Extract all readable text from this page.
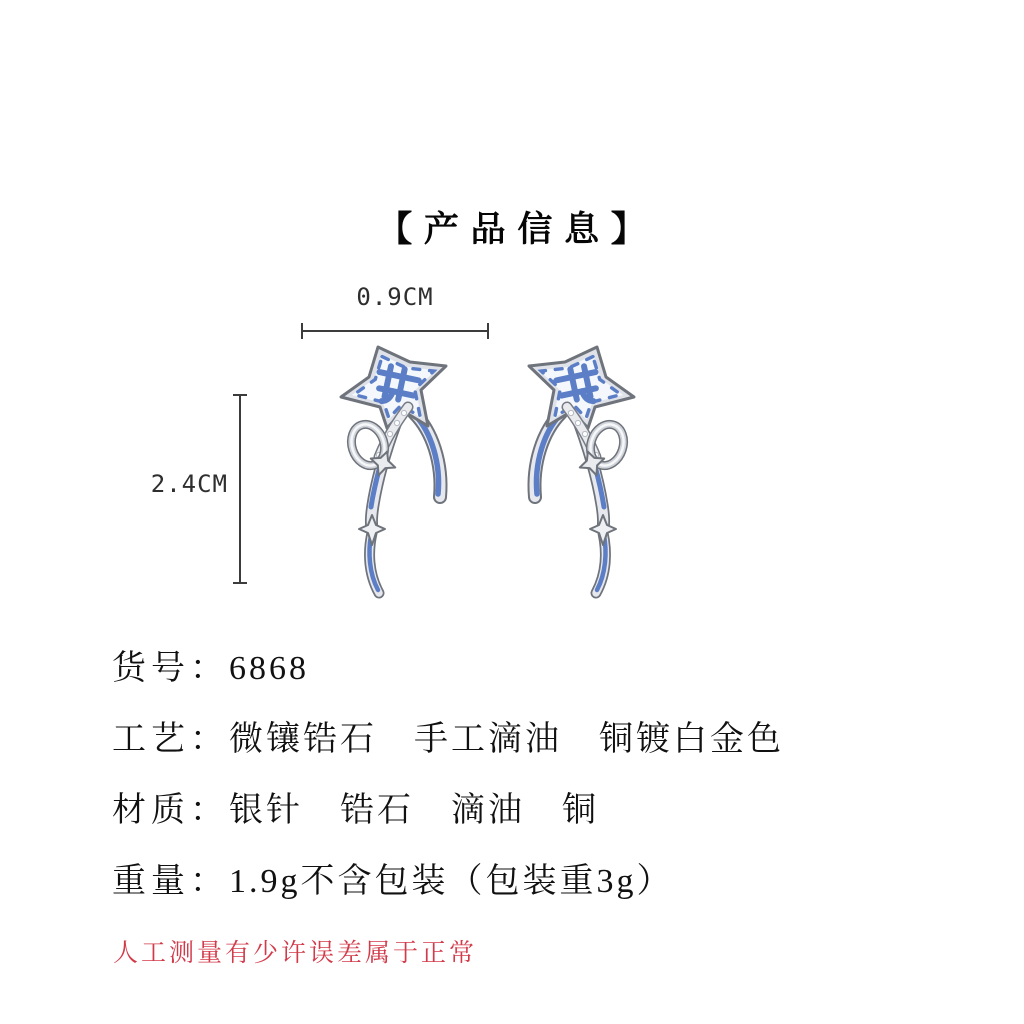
【 产 品 信 息 】
0.9CM
2.4CM
货号：6868
工艺：微镶锆石　手工滴油　铜镀白金色
材质：银针　锆石　滴油　铜
重量：1.9g不含包装（包装重3g）
人工测量有少许误差属于正常
